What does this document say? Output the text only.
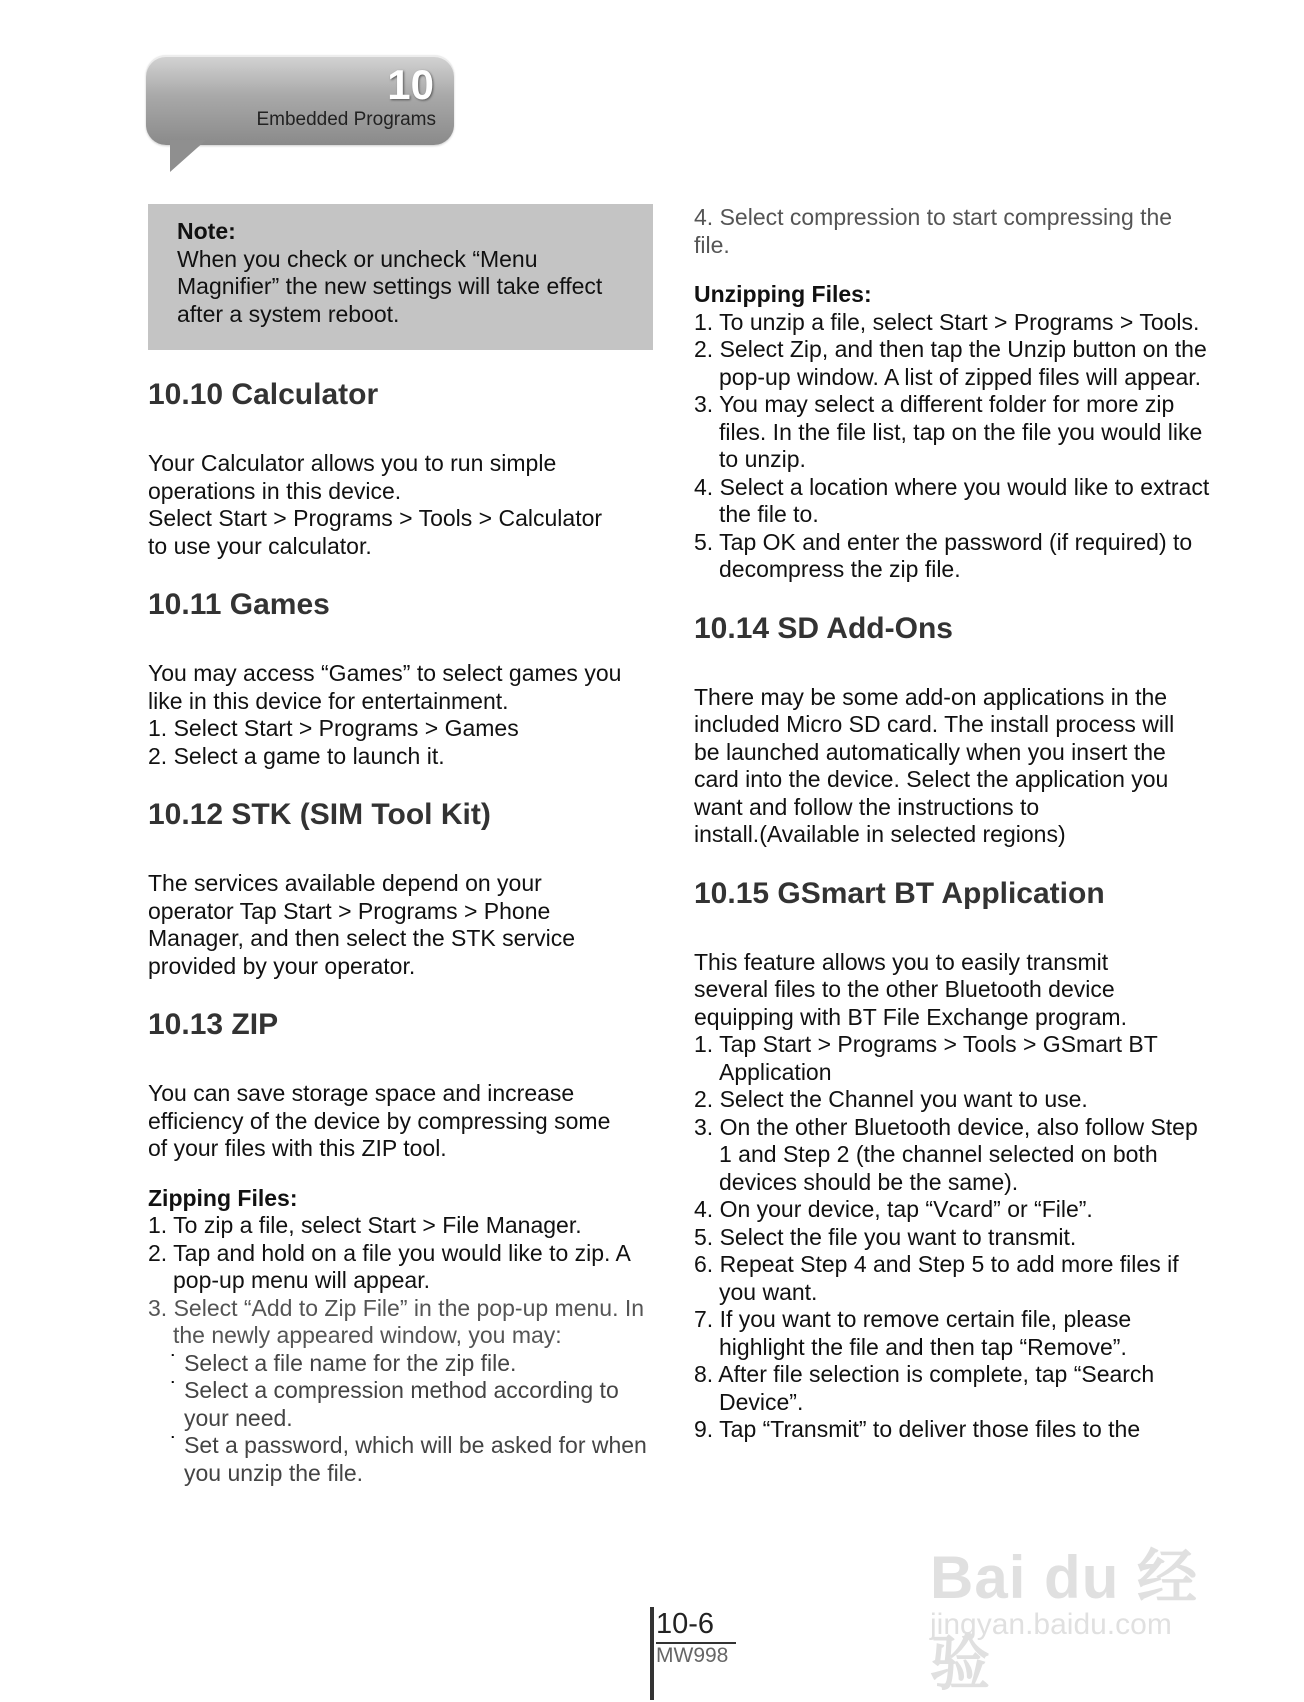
10
Embedded Programs
Note:
When you check or uncheck “Menu
Magnifier” the new settings will take effect
after a system reboot.
10.10 Calculator

Your Calculator allows you to run simple

operations in this device.

Select Start > Programs > Tools > Calculator

to use your calculator.

10.11 Games

You may access “Games” to select games you

like in this device for entertainment.

1. Select Start > Programs > Games

2. Select a game to launch it.

10.12 STK (SIM Tool Kit)

The services available depend on your

operator Tap Start > Programs > Phone

Manager, and then select the STK service

provided by your operator.

10.13 ZIP

You can save storage space and increase

efficiency of the device by compressing some

of your files with this ZIP tool.

Zipping Files:

1. To zip a file, select Start > File Manager.
2. Tap and hold on a file you would like to zip. A pop-up menu will appear.
3. Select “Add to Zip File” in the pop-up menu. In the newly appeared window, you may:
˙ Select a file name for the zip file.
˙ Select a compression method according to your need.
˙ Set a password, which will be asked for when you unzip the file.

4. Select compression to start compressing the file.

Unzipping Files:

1. To unzip a file, select Start > Programs > Tools.
2. Select Zip, and then tap the Unzip button on the pop-up window. A list of zipped files will appear.
3. You may select a different folder for more zip files. In the file list, tap on the file you would like to unzip.
4. Select a location where you would like to extract the file to.
5. Tap OK and enter the password (if required) to decompress the zip file.
10.14 SD Add-Ons

There may be some add-on applications in the

included Micro SD card. The install process will

be launched automatically when you insert the

card into the device. Select the application you

want and follow the instructions to

install.(Available in selected regions)

10.15 GSmart BT Application

This feature allows you to easily transmit

several files to the other Bluetooth device

equipping with BT File Exchange program.

1. Tap Start > Programs > Tools > GSmart BT Application
2. Select the Channel you want to use.
3. On the other Bluetooth device, also follow Step 1 and Step 2 (the channel selected on both devices should be the same).
4. On your device, tap “Vcard” or “File”.
5. Select the file you want to transmit.
6. Repeat Step 4 and Step 5 to add more files if you want.
7. If you want to remove certain file, please highlight the file and then tap “Remove”.
8. After file selection is complete, tap “Search Device”.
9. Tap “Transmit” to deliver those files to the
10-6
MW998
Bai du 经验
jingyan.baidu.com
